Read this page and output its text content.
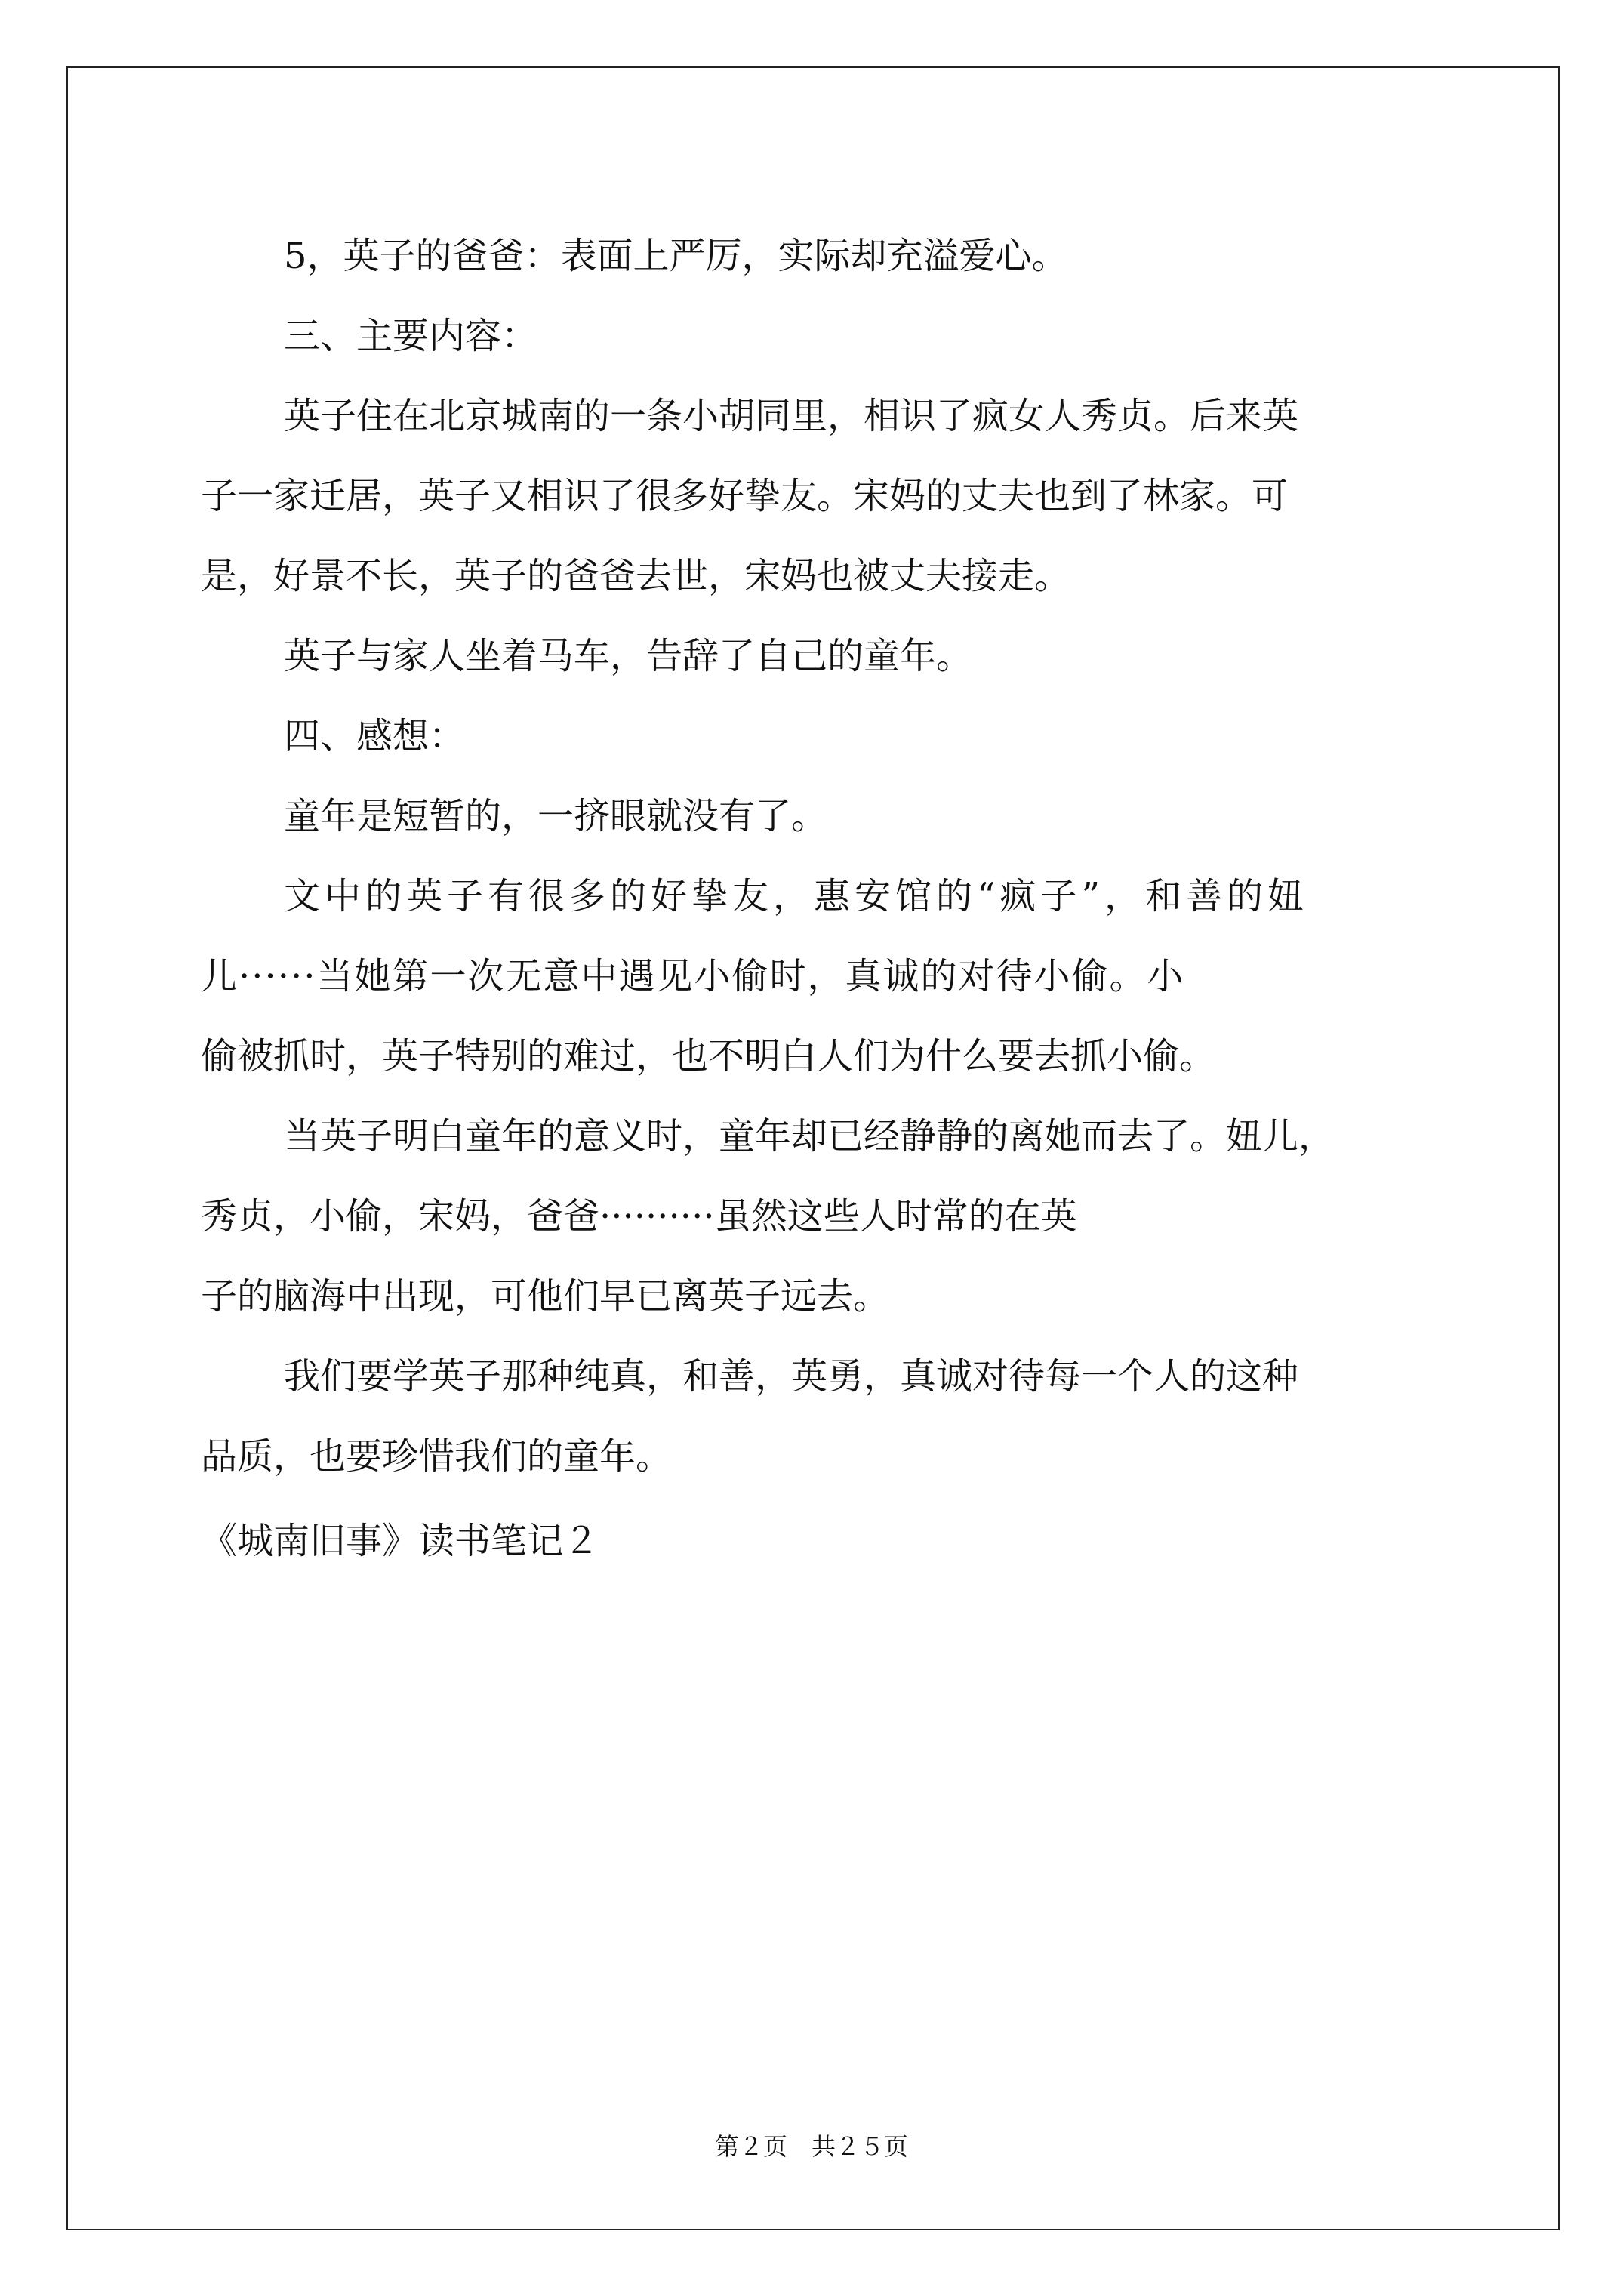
5，英子的爸爸：表面上严厉，实际却充溢爱心。
三、主要内容：
英子住在北京城南的一条小胡同里，相识了疯女人秀贞。后来英
子一家迁居，英子又相识了很多好挚友。宋妈的丈夫也到了林家。可
是，好景不长，英子的爸爸去世，宋妈也被丈夫接走。
英子与家人坐着马车，告辞了自己的童年。
四、感想：
童年是短暂的，一挤眼就没有了。
文中的英子有很多的好挚友，惠安馆的“疯子”，和善的妞
儿······当她第一次无意中遇见小偷时，真诚的对待小偷。小
偷被抓时，英子特别的难过，也不明白人们为什么要去抓小偷。
当英子明白童年的意义时，童年却已经静静的离她而去了。妞儿，
秀贞，小偷，宋妈，爸爸··········虽然这些人时常的在英
子的脑海中出现，可他们早已离英子远去。
我们要学英子那种纯真，和善，英勇，真诚对待每一个人的这种
品质，也要珍惜我们的童年。
《城南旧事》读书笔记２
第２页　共２５页
